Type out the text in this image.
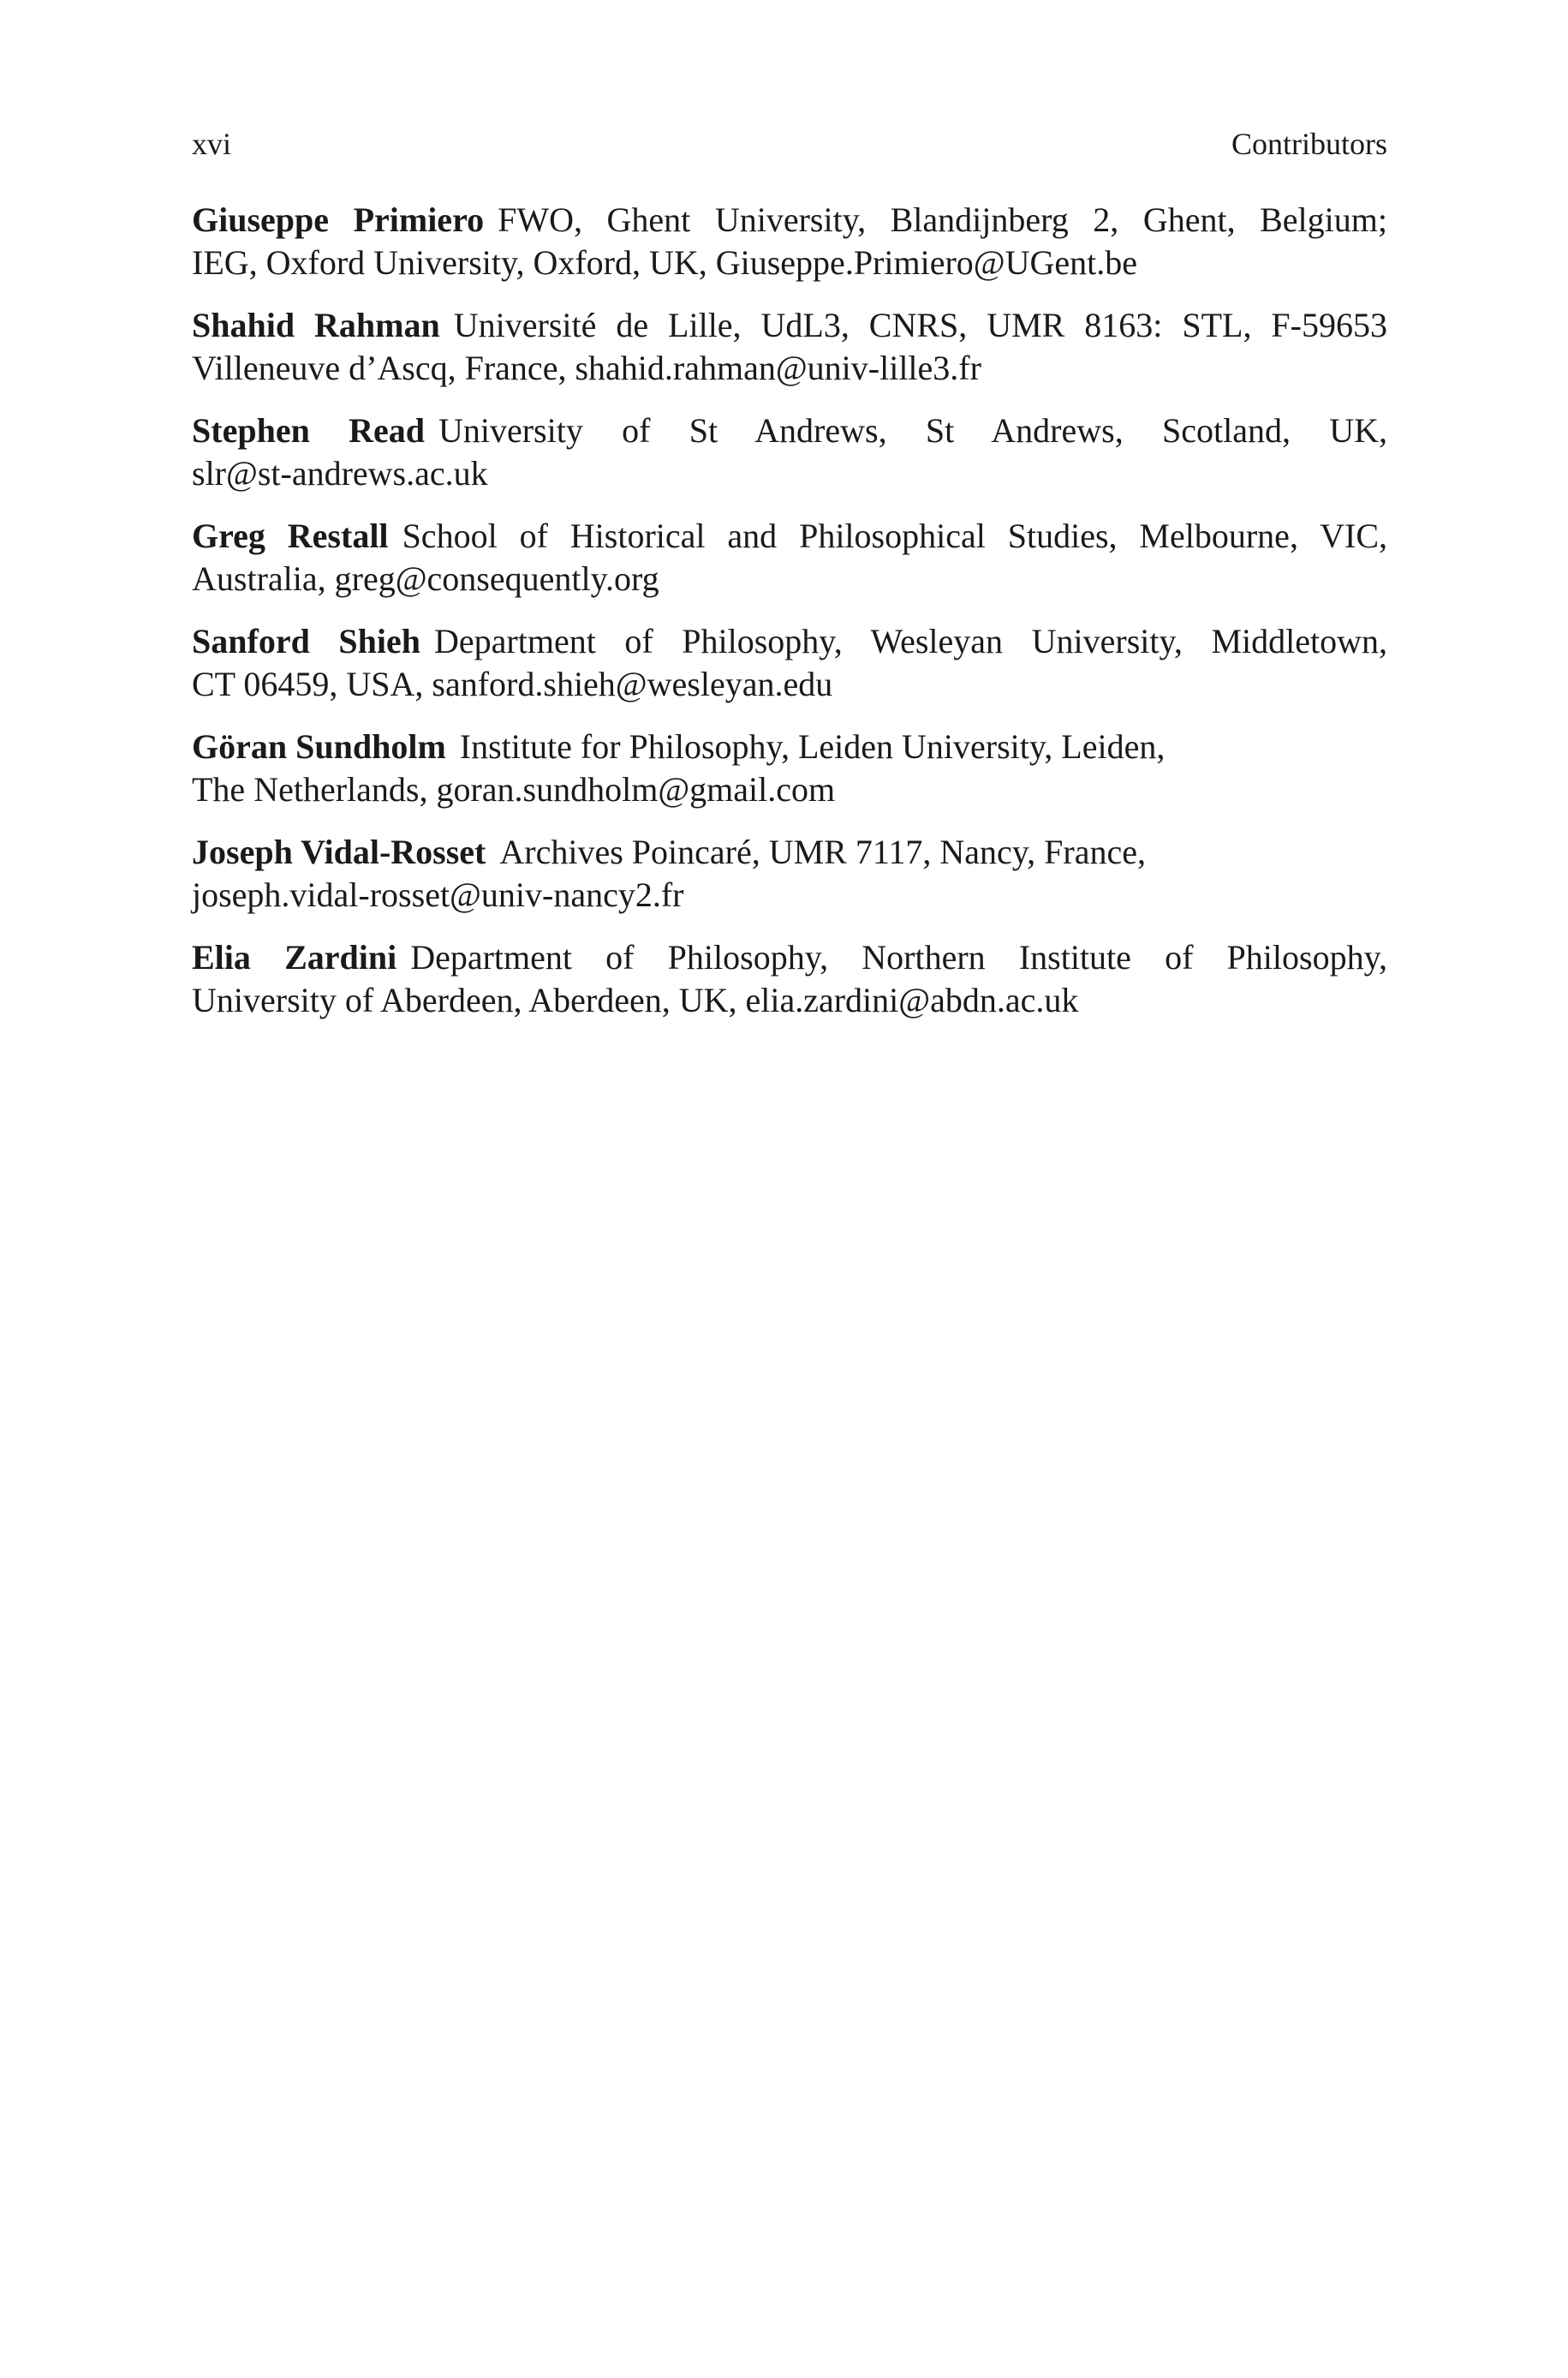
xvi	Contributors
Giuseppe Primiero FWO, Ghent University, Blandijnberg 2, Ghent, Belgium;
IEG, Oxford University, Oxford, UK, Giuseppe.Primiero@UGent.be
Shahid Rahman Université de Lille, UdL3, CNRS, UMR 8163: STL, F-59653
Villeneuve d’Ascq, France, shahid.rahman@univ-lille3.fr
Stephen Read University of St Andrews, St Andrews, Scotland, UK,
slr@st-andrews.ac.uk
Greg Restall School of Historical and Philosophical Studies, Melbourne, VIC,
Australia, greg@consequently.org
Sanford Shieh Department of Philosophy, Wesleyan University, Middletown,
CT 06459, USA, sanford.shieh@wesleyan.edu
Göran Sundholm Institute for Philosophy, Leiden University, Leiden,
The Netherlands, goran.sundholm@gmail.com
Joseph Vidal-Rosset Archives Poincaré, UMR 7117, Nancy, France,
joseph.vidal-rosset@univ-nancy2.fr
Elia Zardini Department of Philosophy, Northern Institute of Philosophy,
University of Aberdeen, Aberdeen, UK, elia.zardini@abdn.ac.uk
